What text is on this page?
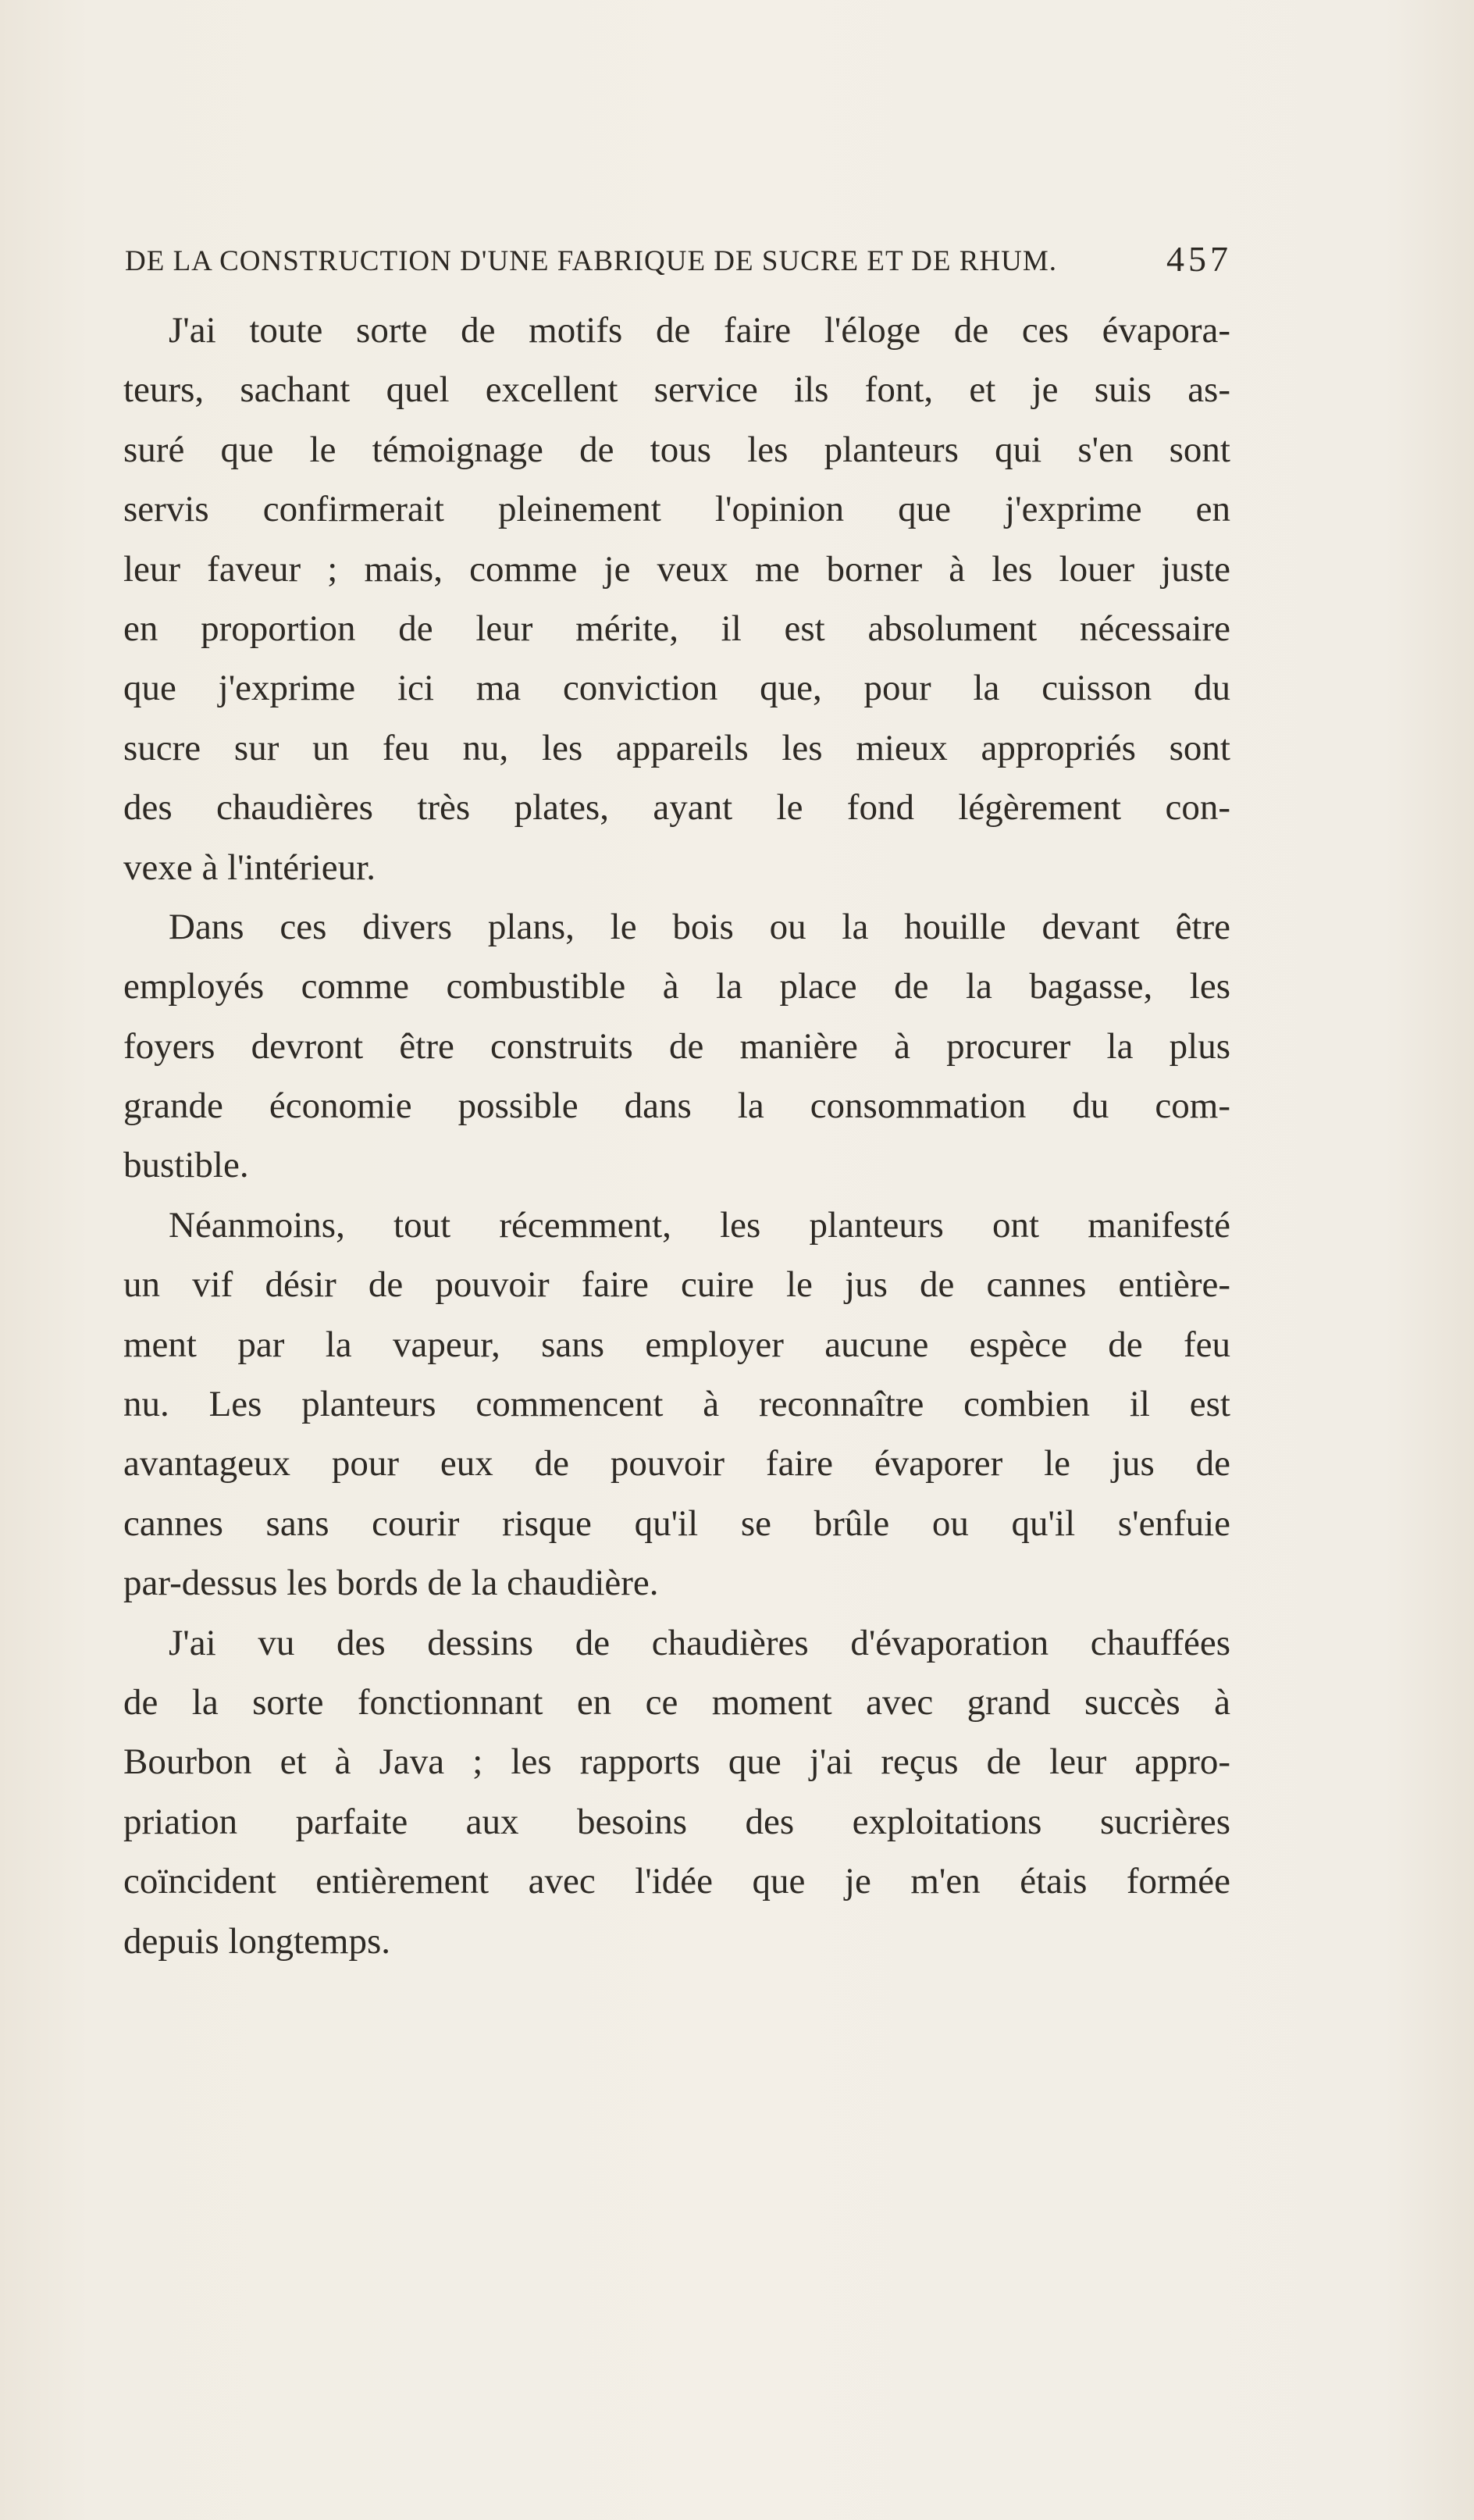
DE LA CONSTRUCTION D'UNE FABRIQUE DE SUCRE ET DE RHUM.	457

J'ai toute sorte de motifs de faire l'éloge de ces évapora-
teurs, sachant quel excellent service ils font, et je suis as-
suré que le témoignage de tous les planteurs qui s'en sont
servis confirmerait pleinement l'opinion que j'exprime en
leur faveur ; mais, comme je veux me borner à les louer juste
en proportion de leur mérite, il est absolument nécessaire
que j'exprime ici ma conviction que, pour la cuisson du
sucre sur un feu nu, les appareils les mieux appropriés sont
des chaudières très plates, ayant le fond légèrement con-
vexe à l'intérieur.

Dans ces divers plans, le bois ou la houille devant être
employés comme combustible à la place de la bagasse, les
foyers devront être construits de manière à procurer la plus
grande économie possible dans la consommation du com-
bustible.

Néanmoins, tout récemment, les planteurs ont manifesté
un vif désir de pouvoir faire cuire le jus de cannes entière-
ment par la vapeur, sans employer aucune espèce de feu
nu. Les planteurs commencent à reconnaître combien il est
avantageux pour eux de pouvoir faire évaporer le jus de
cannes sans courir risque qu'il se brûle ou qu'il s'enfuie
par-dessus les bords de la chaudière.

J'ai vu des dessins de chaudières d'évaporation chauffées
de la sorte fonctionnant en ce moment avec grand succès à
Bourbon et à Java ; les rapports que j'ai reçus de leur appro-
priation parfaite aux besoins des exploitations sucrières
coïncident entièrement avec l'idée que je m'en étais formée
depuis longtemps.
